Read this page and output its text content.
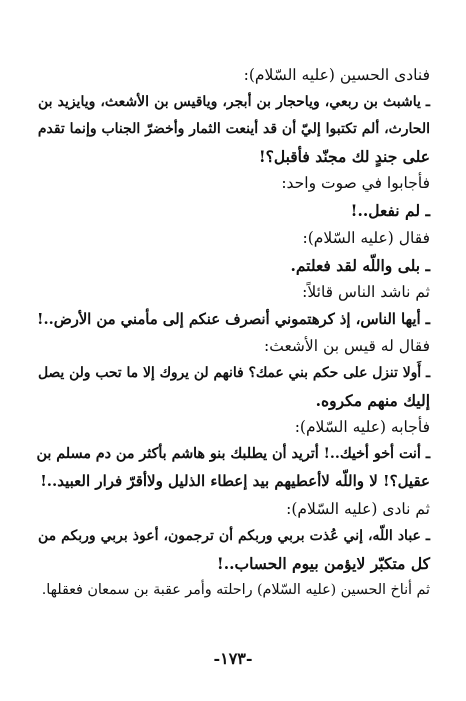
فنادى الحسين (عليه السّلام):
ـ ياشبث بن ربعي، وياحجار بن أبجر، وياقيس بن الأشعث، ويايزيد بن
الحارث، ألم تكتبوا إليّ أن قد أينعت الثمار وأخضرّ الجناب وإنما تقدم
على جندٍ لك مجنّد فأقبل؟!
فأجابوا في صوت واحد:
ـ لم نفعل..!
فقال (عليه السّلام):
ـ بلى واللّه لقد فعلتم.
ثم ناشد الناس قائلاً:
ـ أيها الناس، إذ كرهتموني أنصرف عنكم إلى مأمني من الأرض..!
فقال له قيس بن الأشعث:
ـ أَولا تنزل على حكم بني عمك؟ فانهم لن يروك إلا ما تحب ولن يصل
إليك منهم مكروه.
فأجابه (عليه السّلام):
ـ أنت أخو أخيك..! أتريد أن يطلبك بنو هاشم بأكثر من دم مسلم بن
عقيل؟! لا واللّه لاأعطيهم بيد إعطاء الذليل ولاأقرّ فرار العبيد..!
ثم نادى (عليه السّلام):
ـ عباد اللّه، إني عُذت بربي وربكم أن ترجمون، أعوذ بربي وربكم من
كل متكبّر لايؤمن بيوم الحساب..!
ثم أناخ الحسين (عليه السّلام) راحلته وأمر عقبة بن سمعان فعقلها.
-١٧٣-
